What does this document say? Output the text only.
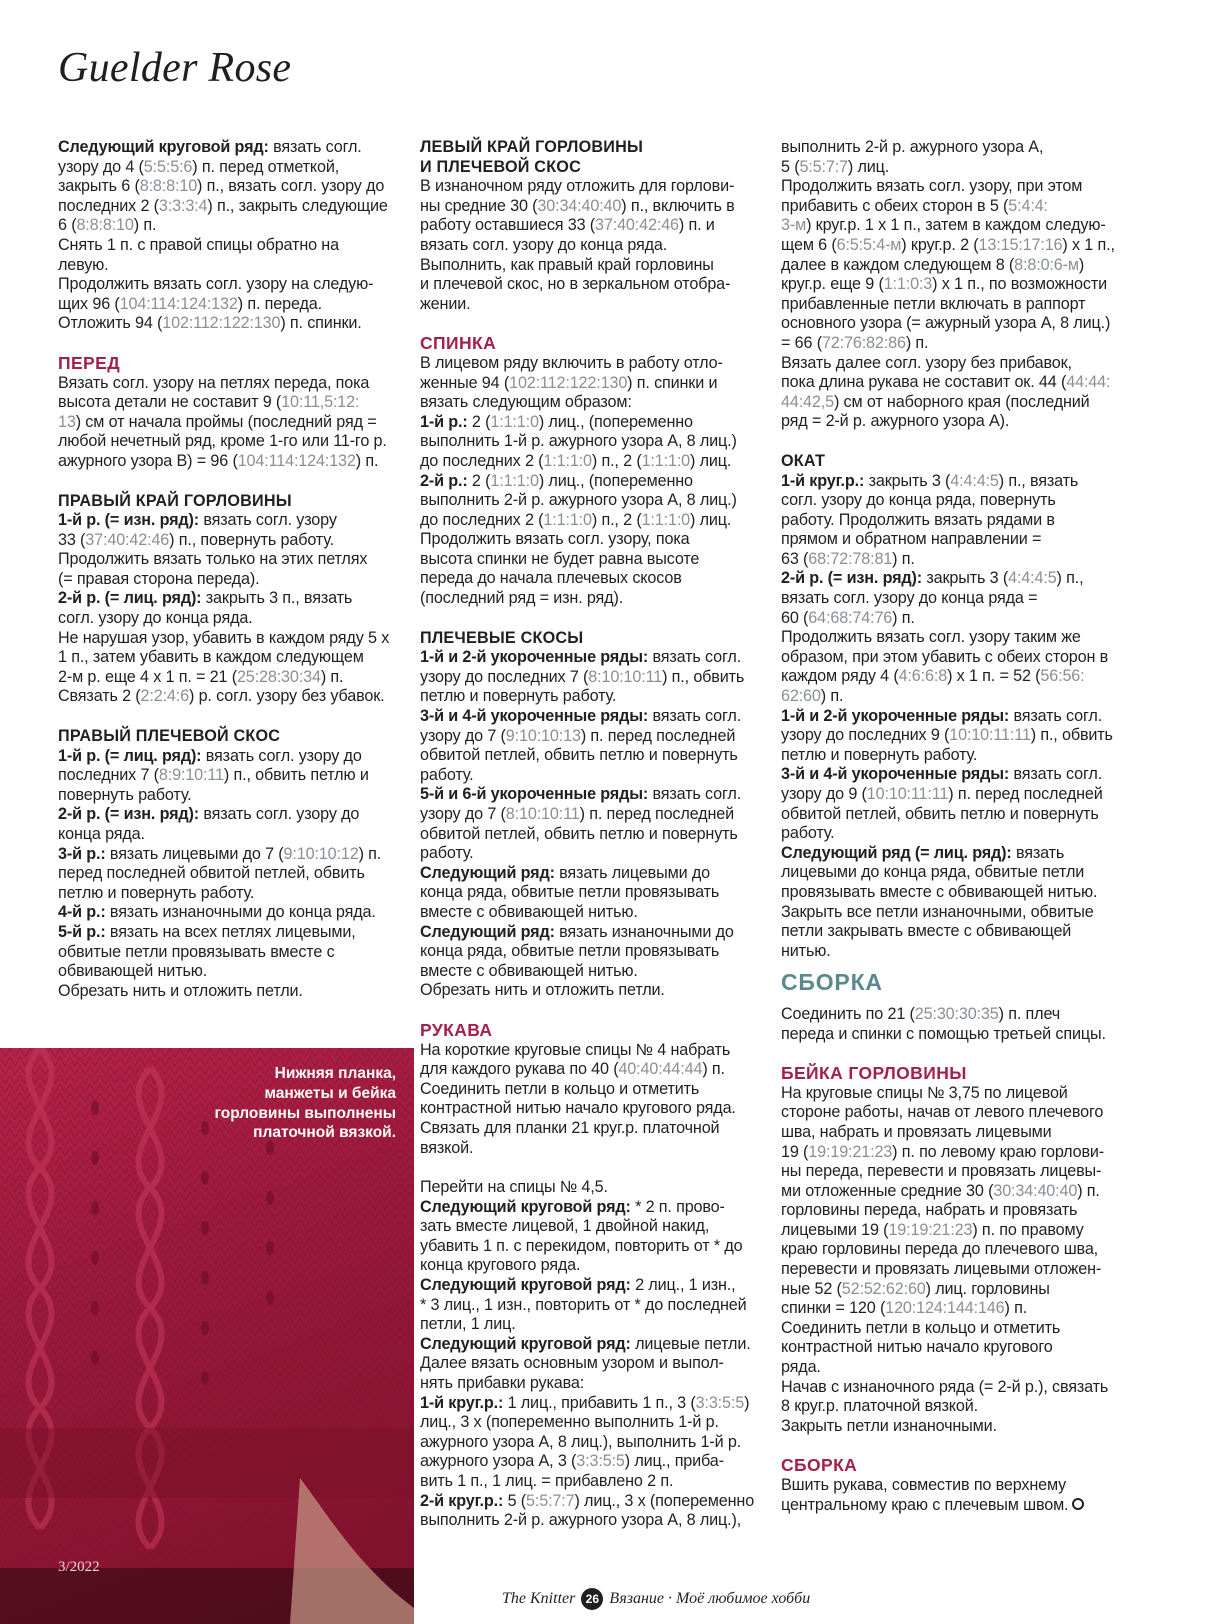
Guelder Rose

Следующий круговой ряд: вязать согл.

узору до 4 (5:5:5:6) п. перед отметкой,

закрыть 6 (8:8:8:10) п., вязать согл. узору до

последних 2 (3:3:3:4) п., закрыть следующие

6 (8:8:8:10) п.

Снять 1 п. с правой спицы обратно на

левую.

Продолжить вязать согл. узору на следую-

щих 96 (104:114:124:132) п. переда.

Отложить 94 (102:112:122:130) п. спинки.

ПЕРЕД

Вязать согл. узору на петлях переда, пока

высота детали не составит 9 (10:11,5:12:

13) см от начала проймы (последний ряд =

любой нечетный ряд, кроме 1-го или 11-го р.

ажурного узора В) = 96 (104:114:124:132) п.

ПРАВЫЙ КРАЙ ГОРЛОВИНЫ

1-й р. (= изн. ряд): вязать согл. узору

33 (37:40:42:46) п., повернуть работу.

Продолжить вязать только на этих петлях

(= правая сторона переда).

2-й р. (= лиц. ряд): закрыть 3 п., вязать

согл. узору до конца ряда.

Не нарушая узор, убавить в каждом ряду 5 х

1 п., затем убавить в каждом следующем

2-м р. еще 4 х 1 п. = 21 (25:28:30:34) п.

Связать 2 (2:2:4:6) р. согл. узору без убавок.

ПРАВЫЙ ПЛЕЧЕВОЙ СКОС

1-й р. (= лиц. ряд): вязать согл. узору до

последних 7 (8:9:10:11) п., обвить петлю и

повернуть работу.

2-й р. (= изн. ряд): вязать согл. узору до

конца ряда.

3-й р.: вязать лицевыми до 7 (9:10:10:12) п.

перед последней обвитой петлей, обвить

петлю и повернуть работу.

4-й р.: вязать изнаночными до конца ряда.

5-й р.: вязать на всех петлях лицевыми,

обвитые петли провязывать вместе с

обвивающей нитью.

Обрезать нить и отложить петли.

Нижняя планка,
манжеты и бейка
горловины выполнены
платочной вязкой.
3/2022

ЛЕВЫЙ КРАЙ ГОРЛОВИНЫ

И ПЛЕЧЕВОЙ СКОС

В изнаночном ряду отложить для горлови-

ны средние 30 (30:34:40:40) п., включить в

работу оставшиеся 33 (37:40:42:46) п. и

вязать согл. узору до конца ряда.

Выполнить, как правый край горловины

и плечевой скос, но в зеркальном отобра-

жении.

СПИНКА

В лицевом ряду включить в работу отло-

женные 94 (102:112:122:130) п. спинки и

вязать следующим образом:

1-й р.: 2 (1:1:1:0) лиц., (попеременно

выполнить 1-й р. ажурного узора А, 8 лиц.)

до последних 2 (1:1:1:0) п., 2 (1:1:1:0) лиц.

2-й р.: 2 (1:1:1:0) лиц., (попеременно

выполнить 2-й р. ажурного узора А, 8 лиц.)

до последних 2 (1:1:1:0) п., 2 (1:1:1:0) лиц.

Продолжить вязать согл. узору, пока

высота спинки не будет равна высоте

переда до начала плечевых скосов

(последний ряд = изн. ряд).

ПЛЕЧЕВЫЕ СКОСЫ

1-й и 2-й укороченные ряды: вязать согл.

узору до последних 7 (8:10:10:11) п., обвить

петлю и повернуть работу.

3-й и 4-й укороченные ряды: вязать согл.

узору до 7 (9:10:10:13) п. перед последней

обвитой петлей, обвить петлю и повернуть

работу.

5-й и 6-й укороченные ряды: вязать согл.

узору до 7 (8:10:10:11) п. перед последней

обвитой петлей, обвить петлю и повернуть

работу.

Следующий ряд: вязать лицевыми до

конца ряда, обвитые петли провязывать

вместе с обвивающей нитью.

Следующий ряд: вязать изнаночными до

конца ряда, обвитые петли провязывать

вместе с обвивающей нитью.

Обрезать нить и отложить петли.

РУКАВА

На короткие круговые спицы № 4 набрать

для каждого рукава по 40 (40:40:44:44) п.

Соединить петли в кольцо и отметить

контрастной нитью начало кругового ряда.

Связать для планки 21 круг.р. платочной

вязкой.

Перейти на спицы № 4,5.

Следующий круговой ряд: * 2 п. прово-

зать вместе лицевой, 1 двойной накид,

убавить 1 п. с перекидом, повторить от * до

конца кругового ряда.

Следующий круговой ряд: 2 лиц., 1 изн.,

* 3 лиц., 1 изн., повторить от * до последней

петли, 1 лиц.

Следующий круговой ряд: лицевые петли.

Далее вязать основным узором и выпол-

нять прибавки рукава:

1-й круг.р.: 1 лиц., прибавить 1 п., 3 (3:3:5:5)

лиц., 3 х (попеременно выполнить 1-й р.

ажурного узора А, 8 лиц.), выполнить 1-й р.

ажурного узора А, 3 (3:3:5:5) лиц., приба-

вить 1 п., 1 лиц. = прибавлено 2 п.

2-й круг.р.: 5 (5:5:7:7) лиц., 3 х (попеременно

выполнить 2-й р. ажурного узора А, 8 лиц.),

выполнить 2-й р. ажурного узора А,

5 (5:5:7:7) лиц.

Продолжить вязать согл. узору, при этом

прибавить с обеих сторон в 5 (5:4:4:

3-м) круг.р. 1 х 1 п., затем в каждом следую-

щем 6 (6:5:5:4-м) круг.р. 2 (13:15:17:16) х 1 п.,

далее в каждом следующем 8 (8:8:0:6-м)

круг.р. еще 9 (1:1:0:3) х 1 п., по возможности

прибавленные петли включать в раппорт

основного узора (= ажурный узора А, 8 лиц.)

= 66 (72:76:82:86) п.

Вязать далее согл. узору без прибавок,

пока длина рукава не составит ок. 44 (44:44:

44:42,5) см от наборного края (последний

ряд = 2-й р. ажурного узора А).

ОКАТ

1-й круг.р.: закрыть 3 (4:4:4:5) п., вязать

согл. узору до конца ряда, повернуть

работу. Продолжить вязать рядами в

прямом и обратном направлении =

63 (68:72:78:81) п.

2-й р. (= изн. ряд): закрыть 3 (4:4:4:5) п.,

вязать согл. узору до конца ряда =

60 (64:68:74:76) п.

Продолжить вязать согл. узору таким же

образом, при этом убавить с обеих сторон в

каждом ряду 4 (4:6:6:8) х 1 п. = 52 (56:56:

62:60) п.

1-й и 2-й укороченные ряды: вязать согл.

узору до последних 9 (10:10:11:11) п., обвить

петлю и повернуть работу.

3-й и 4-й укороченные ряды: вязать согл.

узору до 9 (10:10:11:11) п. перед последней

обвитой петлей, обвить петлю и повернуть

работу.

Следующий ряд (= лиц. ряд): вязать

лицевыми до конца ряда, обвитые петли

провязывать вместе с обвивающей нитью.

Закрыть все петли изнаночными, обвитые

петли закрывать вместе с обвивающей

нитью.

СБОРКА

Соединить по 21 (25:30:30:35) п. плеч

переда и спинки с помощью третьей спицы.

БЕЙКА ГОРЛОВИНЫ

На круговые спицы № 3,75 по лицевой

стороне работы, начав от левого плечевого

шва, набрать и провязать лицевыми

19 (19:19:21:23) п. по левому краю горлови-

ны переда, перевести и провязать лицевы-

ми отложенные средние 30 (30:34:40:40) п.

горловины переда, набрать и провязать

лицевыми 19 (19:19:21:23) п. по правому

краю горловины переда до плечевого шва,

перевести и провязать лицевыми отложен-

ные 52 (52:52:62:60) лиц. горловины

спинки = 120 (120:124:144:146) п.

Соединить петли в кольцо и отметить

контрастной нитью начало кругового

ряда.

Начав с изнаночного ряда (= 2-й р.), связать

8 круг.р. платочной вязкой.

Закрыть петли изнаночными.

СБОРКА

Вшить рукава, совместив по верхнему

центральному краю с плечевым швом.

The Knitter 26 Вязание · Моё любимое хобби
